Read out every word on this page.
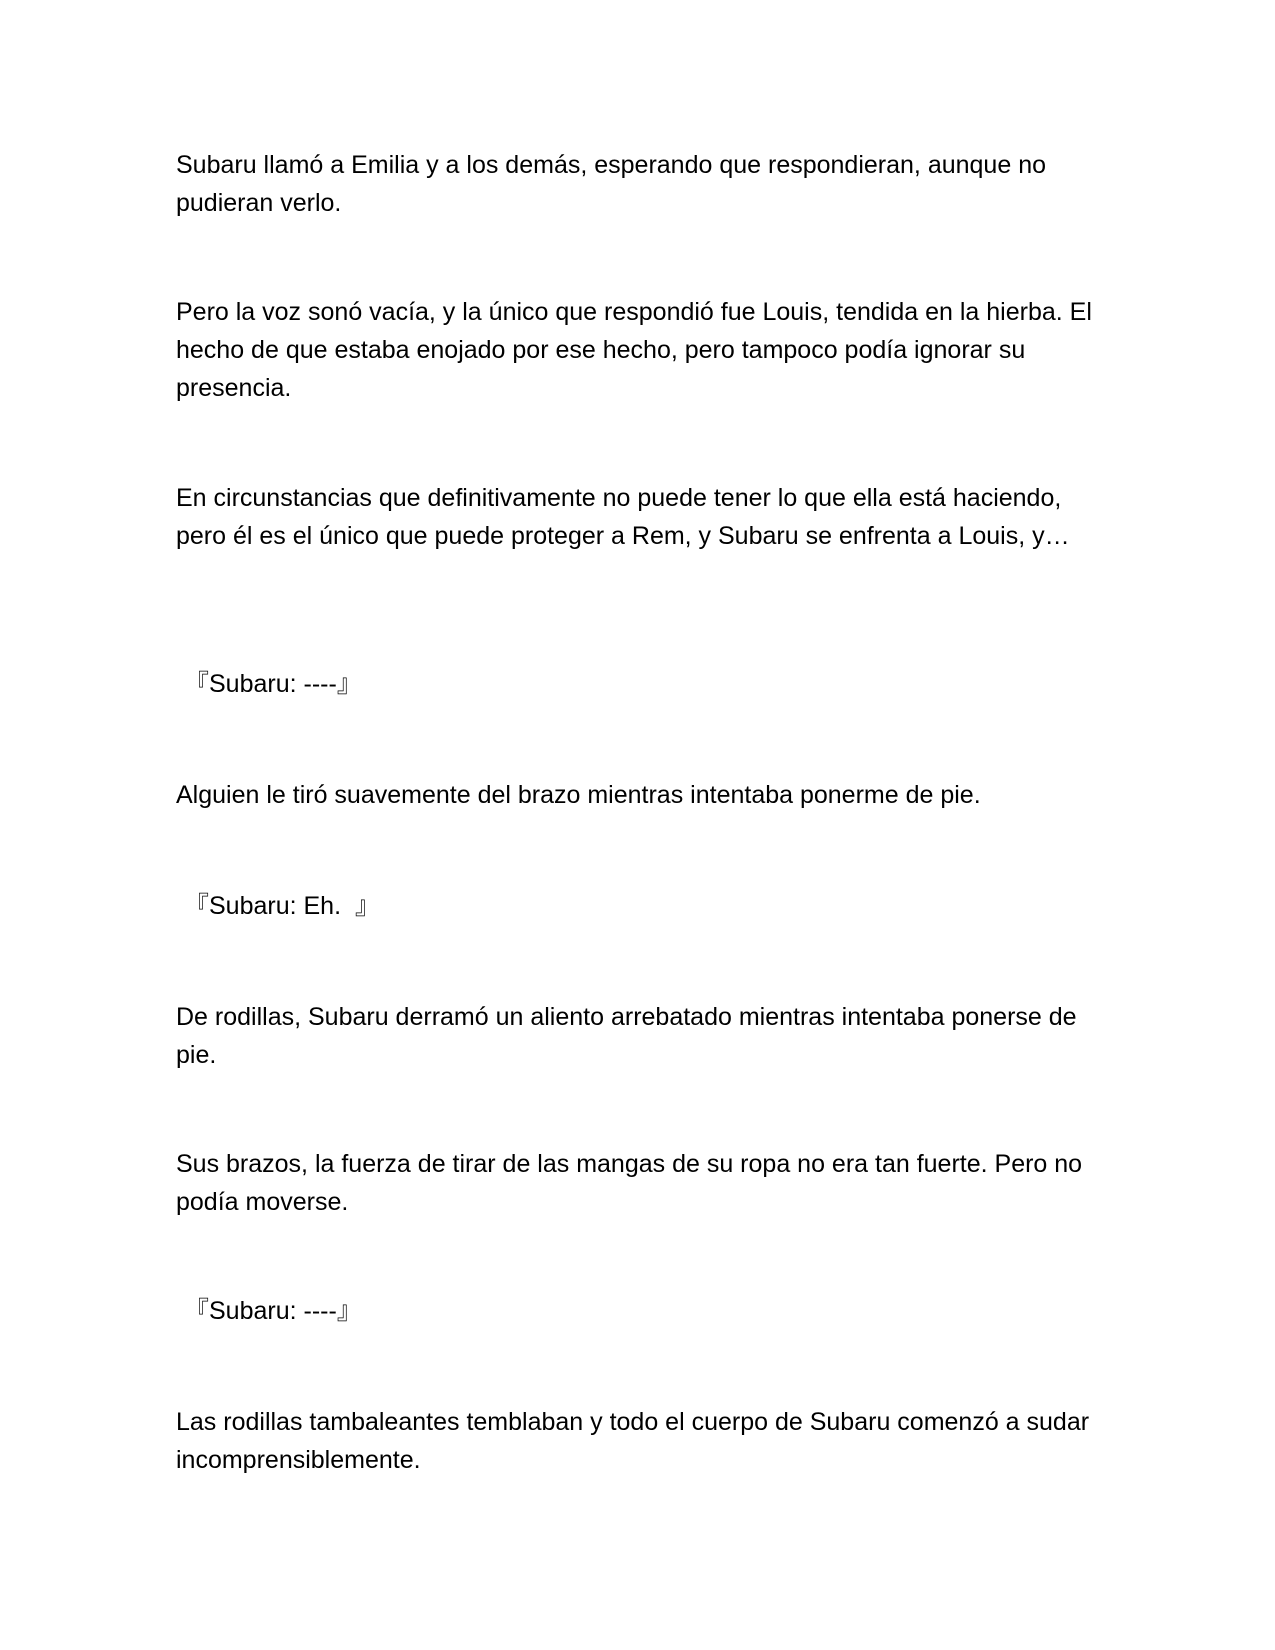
Subaru llamó a Emilia y a los demás, esperando que respondieran, aunque no pudieran verlo.

Pero la voz sonó vacía, y la único que respondió fue Louis, tendida en la hierba. El hecho de que estaba enojado por ese hecho, pero tampoco podía ignorar su presencia.

En circunstancias que definitivamente no puede tener lo que ella está haciendo, pero él es el único que puede proteger a Rem, y Subaru se enfrenta a Louis, y…

『Subaru: ----』

Alguien le tiró suavemente del brazo mientras intentaba ponerme de pie.

『Subaru: Eh.  』

De rodillas, Subaru derramó un aliento arrebatado mientras intentaba ponerse de pie.

Sus brazos, la fuerza de tirar de las mangas de su ropa no era tan fuerte. Pero no podía moverse.

『Subaru: ----』

Las rodillas tambaleantes temblaban y todo el cuerpo de Subaru comenzó a sudar incomprensiblemente.
